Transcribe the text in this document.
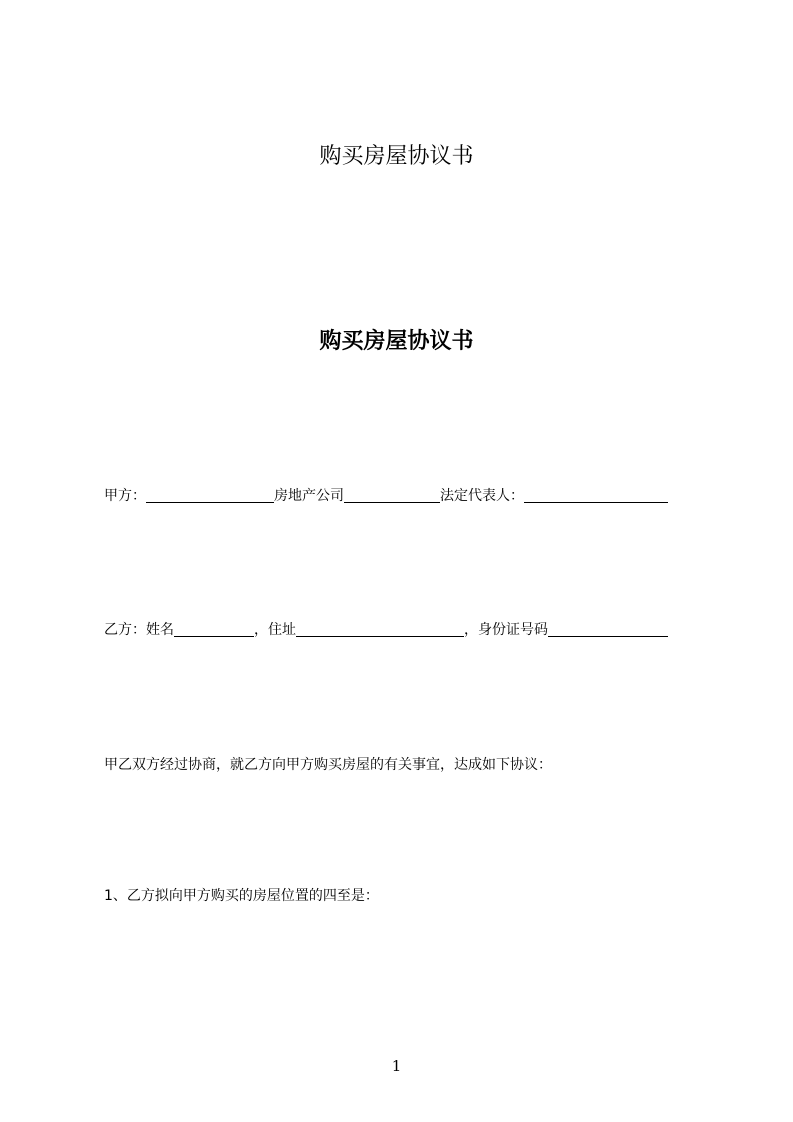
购买房屋协议书
购买房屋协议书
甲方：	房地产公司	法定代表人：
乙方：姓名	，住址	，身份证号码
甲乙双方经过协商，就乙方向甲方购买房屋的有关事宜，达成如下协议：
1、乙方拟向甲方购买的房屋位置的四至是：
1
